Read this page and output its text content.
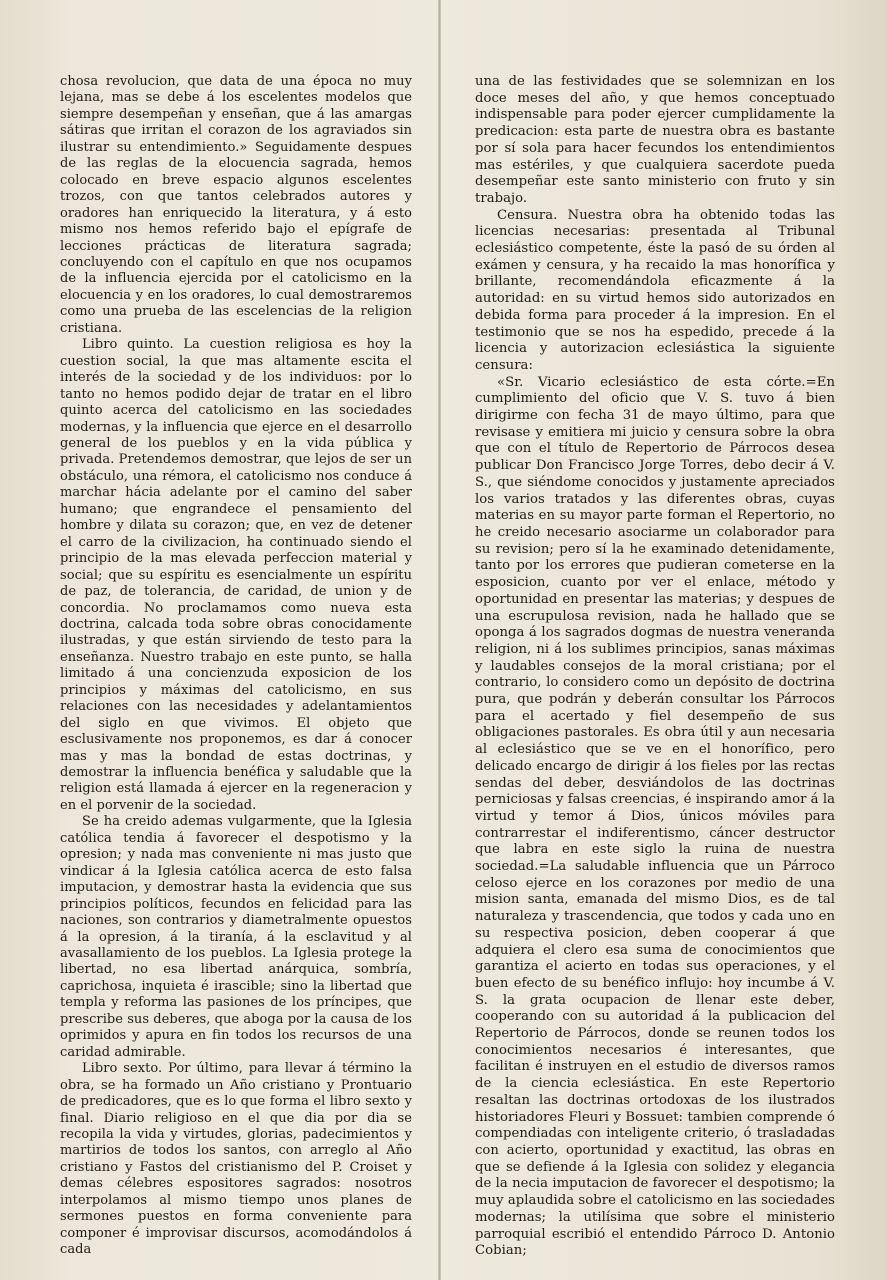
chosa revolucion, que data de una época no muy lejana, mas se debe á los escelentes modelos que siempre desempeñan y enseñan, que á las amargas sátiras que irritan el corazon de los agraviados sin ilustrar su entendimiento.» Seguidamente despues de las reglas de la elocuencia sagrada, hemos colocado en breve espacio algunos escelentes trozos, con que tantos celebrados autores y oradores han enriquecido la literatura, y á esto mismo nos hemos referido bajo el epígrafe de lecciones prácticas de literatura sagrada; concluyendo con el capítulo en que nos ocupamos de la influencia ejercida por el catolicismo en la elocuencia y en los oradores, lo cual demostraremos como una prueba de las escelencias de la religion cristiana.

Libro quinto. La cuestion religiosa es hoy la cuestion social, la que mas altamente escita el interés de la sociedad y de los individuos: por lo tanto no hemos podido dejar de tratar en el libro quinto acerca del catolicismo en las sociedades modernas, y la influencia que ejerce en el desarrollo general de los pueblos y en la vida pública y privada. Pretendemos demostrar, que lejos de ser un obstáculo, una rémora, el catolicismo nos conduce á marchar hácia adelante por el camino del saber humano; que engrandece el pensamiento del hombre y dilata su corazon; que, en vez de detener el carro de la civilizacion, ha continuado siendo el principio de la mas elevada perfeccion material y social; que su espíritu es esencialmente un espíritu de paz, de tolerancia, de caridad, de union y de concordia. No proclamamos como nueva esta doctrina, calcada toda sobre obras conocidamente ilustradas, y que están sirviendo de testo para la enseñanza. Nuestro trabajo en este punto, se halla limitado á una concienzuda exposicion de los principios y máximas del catolicismo, en sus relaciones con las necesidades y adelantamientos del siglo en que vivimos. El objeto que esclusivamente nos proponemos, es dar á conocer mas y mas la bondad de estas doctrinas, y demostrar la influencia benéfica y saludable que la religion está llamada á ejercer en la regeneracion y en el porvenir de la sociedad.

Se ha creido ademas vulgarmente, que la Iglesia católica tendia á favorecer el despotismo y la opresion; y nada mas conveniente ni mas justo que vindicar á la Iglesia católica acerca de esto falsa imputacion, y demostrar hasta la evidencia que sus principios políticos, fecundos en felicidad para las naciones, son contrarios y diametralmente opuestos á la opresion, á la tiranía, á la esclavitud y al avasallamiento de los pueblos. La Iglesia protege la libertad, no esa libertad anárquica, sombría, caprichosa, inquieta é irascible; sino la libertad que templa y reforma las pasiones de los príncipes, que prescribe sus deberes, que aboga por la causa de los oprimidos y apura en fin todos los recursos de una caridad admirable.

Libro sexto. Por último, para llevar á término la obra, se ha formado un Año cristiano y Prontuario de predicadores, que es lo que forma el libro sexto y final. Diario religioso en el que dia por dia se recopila la vida y virtudes, glorias, padecimientos y martirios de todos los santos, con arreglo al Año cristiano y Fastos del cristianismo del P. Croiset y demas célebres espositores sagrados: nosotros interpolamos al mismo tiempo unos planes de sermones puestos en forma conveniente para componer é improvisar discursos, acomodándolos á cada

una de las festividades que se solemnizan en los doce meses del año, y que hemos conceptuado indispensable para poder ejercer cumplidamente la predicacion: esta parte de nuestra obra es bastante por sí sola para hacer fecundos los entendimientos mas estériles, y que cualquiera sacerdote pueda desempeñar este santo ministerio con fruto y sin trabajo.

Censura. Nuestra obra ha obtenido todas las licencias necesarias: presentada al Tribunal eclesiástico competente, éste la pasó de su órden al exámen y censura, y ha recaido la mas honorífica y brillante, recomendándola eficazmente á la autoridad: en su virtud hemos sido autorizados en debida forma para proceder á la impresion. En el testimonio que se nos ha espedido, precede á la licencia y autorizacion eclesiástica la siguiente censura:

«Sr. Vicario eclesiástico de esta córte.=En cumplimiento del oficio que V. S. tuvo á bien dirigirme con fecha 31 de mayo último, para que revisase y emitiera mi juicio y censura sobre la obra que con el título de Repertorio de Párrocos desea publicar Don Francisco Jorge Torres, debo decir á V. S., que siéndome conocidos y justamente apreciados los varios tratados y las diferentes obras, cuyas materias en su mayor parte forman el Repertorio, no he creido necesario asociarme un colaborador para su revision; pero sí la he examinado detenidamente, tanto por los errores que pudieran cometerse en la esposicion, cuanto por ver el enlace, método y oportunidad en presentar las materias; y despues de una escrupulosa revision, nada he hallado que se oponga á los sagrados dogmas de nuestra veneranda religion, ni á los sublimes principios, sanas máximas y laudables consejos de la moral cristiana; por el contrario, lo considero como un depósito de doctrina pura, que podrán y deberán consultar los Párrocos para el acertado y fiel desempeño de sus obligaciones pastorales. Es obra útil y aun necesaria al eclesiástico que se ve en el honorífico, pero delicado encargo de dirigir á los fieles por las rectas sendas del deber, desviándolos de las doctrinas perniciosas y falsas creencias, é inspirando amor á la virtud y temor á Dios, únicos móviles para contrarrestar el indiferentismo, cáncer destructor que labra en este siglo la ruina de nuestra sociedad.=La saludable influencia que un Párroco celoso ejerce en los corazones por medio de una mision santa, emanada del mismo Dios, es de tal naturaleza y trascendencia, que todos y cada uno en su respectiva posicion, deben cooperar á que adquiera el clero esa suma de conocimientos que garantiza el acierto en todas sus operaciones, y el buen efecto de su benéfico influjo: hoy incumbe á V. S. la grata ocupacion de llenar este deber, cooperando con su autoridad á la publicacion del Repertorio de Párrocos, donde se reunen todos los conocimientos necesarios é interesantes, que facilitan é instruyen en el estudio de diversos ramos de la ciencia eclesiástica. En este Repertorio resaltan las doctrinas ortodoxas de los ilustrados historiadores Fleuri y Bossuet: tambien comprende ó compendiadas con inteligente criterio, ó trasladadas con acierto, oportunidad y exactitud, las obras en que se defiende á la Iglesia con solidez y elegancia de la necia imputacion de favorecer el despotismo; la muy aplaudida sobre el catolicismo en las sociedades modernas; la utilísima que sobre el ministerio parroquial escribió el entendido Párroco D. Antonio Cobian;
